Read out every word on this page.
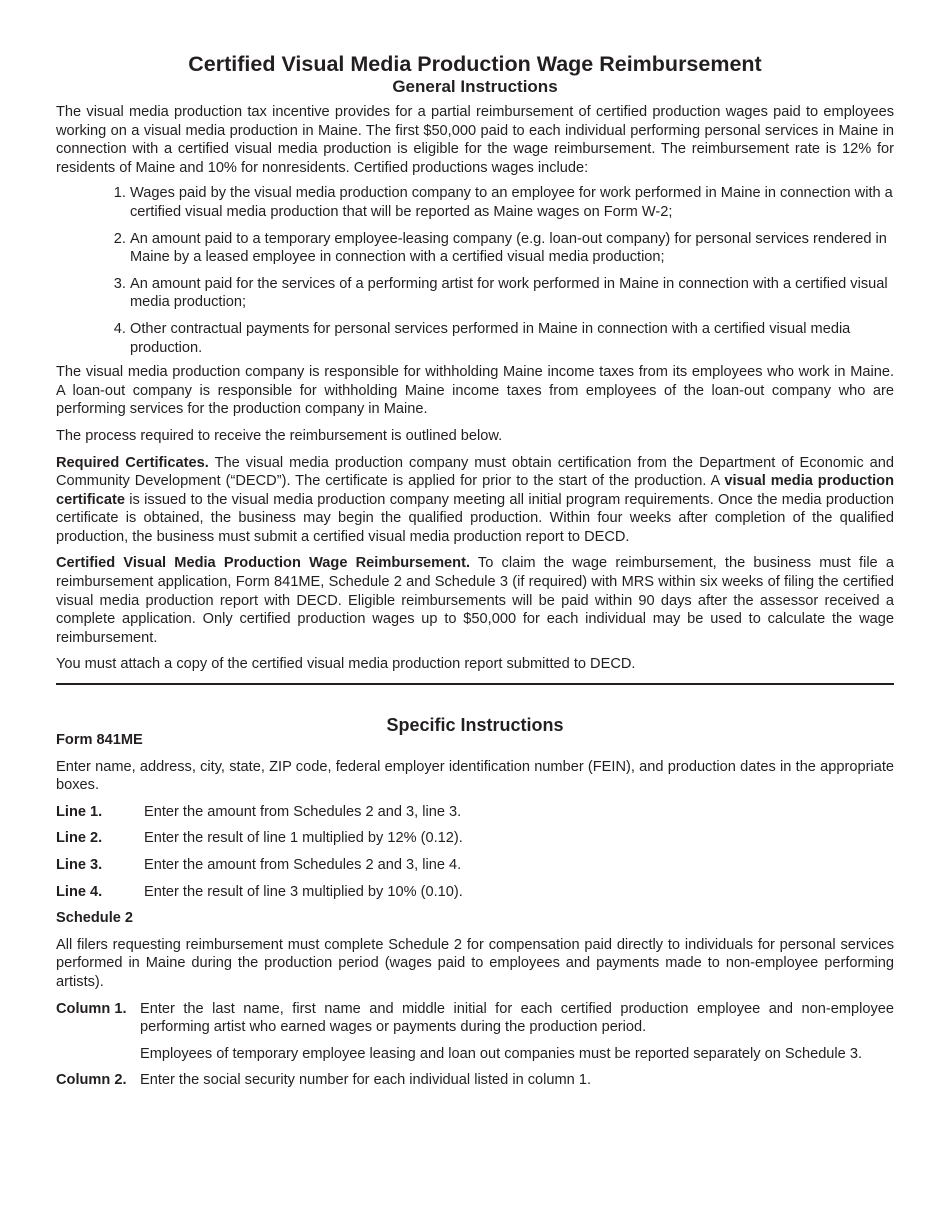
Certified Visual Media Production Wage Reimbursement
General Instructions

The visual media production tax incentive provides for a partial reimbursement of certified production wages paid to employees working on a visual media production in Maine. The first $50,000 paid to each individual performing personal services in Maine in connection with a certified visual media production is eligible for the wage reimbursement. The reimbursement rate is 12% for residents of Maine and 10% for nonresidents. Certified productions wages include:

1. Wages paid by the visual media production company to an employee for work performed in Maine in connection with a certified visual media production that will be reported as Maine wages on Form W-2;
2. An amount paid to a temporary employee-leasing company (e.g. loan-out company) for personal services rendered in Maine by a leased employee in connection with a certified visual media production;
3. An amount paid for the services of a performing artist for work performed in Maine in connection with a certified visual media production;
4. Other contractual payments for personal services performed in Maine in connection with a certified visual media production.

The visual media production company is responsible for withholding Maine income taxes from its employees who work in Maine. A loan-out company is responsible for withholding Maine income taxes from employees of the loan-out company who are performing services for the production company in Maine.

The process required to receive the reimbursement is outlined below.

Required Certificates. The visual media production company must obtain certification from the Department of Economic and Community Development (“DECD”). The certificate is applied for prior to the start of the production. A visual media production certificate is issued to the visual media production company meeting all initial program requirements. Once the media production certificate is obtained, the business may begin the qualified production. Within four weeks after completion of the qualified production, the business must submit a certified visual media production report to DECD.

Certified Visual Media Production Wage Reimbursement. To claim the wage reimbursement, the business must file a reimbursement application, Form 841ME, Schedule 2 and Schedule 3 (if required) with MRS within six weeks of filing the certified visual media production report with DECD. Eligible reimbursements will be paid within 90 days after the assessor received a complete application. Only certified production wages up to $50,000 for each individual may be used to calculate the wage reimbursement.

You must attach a copy of the certified visual media production report submitted to DECD.

Specific Instructions
Form 841ME

Enter name, address, city, state, ZIP code, federal employer identification number (FEIN), and production dates in the appropriate boxes.

Line 1.	Enter the amount from Schedules 2 and 3, line 3.
Line 2.	Enter the result of line 1 multiplied by 12% (0.12).
Line 3.	Enter the amount from Schedules 2 and 3, line 4.
Line 4.	Enter the result of line 3 multiplied by 10% (0.10).
Schedule 2

All filers requesting reimbursement must complete Schedule 2 for compensation paid directly to individuals for personal services performed in Maine during the production period (wages paid to employees and payments made to non-employee performing artists).

Column 1. Enter the last name, first name and middle initial for each certified production employee and non-employee performing artist who earned wages or payments during the production period.

Employees of temporary employee leasing and loan out companies must be reported separately on Schedule 3.

Column 2. Enter the social security number for each individual listed in column 1.
